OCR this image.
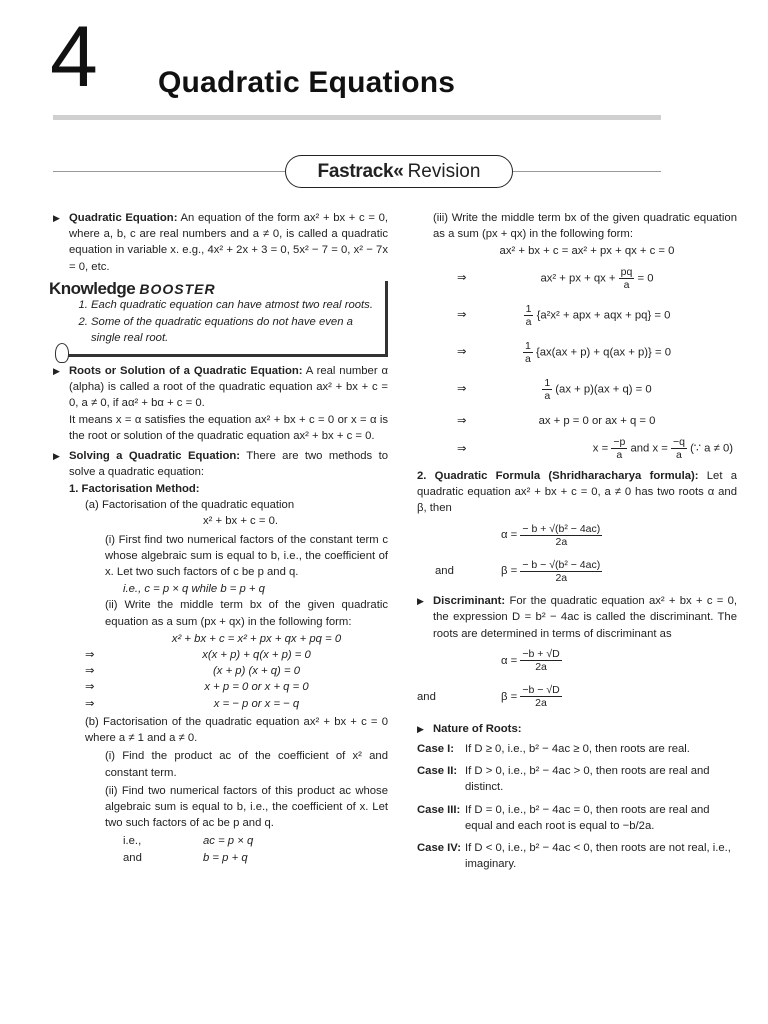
4 Quadratic Equations
Fastrack« Revision
▶ Quadratic Equation: An equation of the form ax² + bx + c = 0, where a, b, c are real numbers and a ≠ 0, is called a quadratic equation in variable x. e.g., 4x² + 2x + 3 = 0, 5x² − 7 = 0, x² − 7x = 0, etc.
Knowledge BOOSTER
1. Each quadratic equation can have atmost two real roots.
2. Some of the quadratic equations do not have even a single real root.
▶ Roots or Solution of a Quadratic Equation: A real number α (alpha) is called a root of the quadratic equation ax² + bx + c = 0, a ≠ 0, if aα² + bα + c = 0.
It means x = α satisfies the equation ax² + bx + c = 0 or x = α is the root or solution of the quadratic equation ax² + bx + c = 0.
▶ Solving a Quadratic Equation: There are two methods to solve a quadratic equation:
1. Factorisation Method:
(a) Factorisation of the quadratic equation
x² + bx + c = 0.
(i) First find two numerical factors of the constant term c whose algebraic sum is equal to b, i.e., the coefficient of x. Let two such factors of c be p and q.
i.e., c = p × q while b = p + q
(ii) Write the middle term bx of the given quadratic equation as a sum (px + qx) in the following form:
x² + bx + c = x² + px + qx + pq = 0
⇒	x(x + p) + q(x + p) = 0
⇒	(x + p) (x + q) = 0
⇒	x + p = 0 or x + q = 0
⇒	x = − p or x = − q
(b) Factorisation of the quadratic equation ax² + bx + c = 0 where a ≠ 1 and a ≠ 0.
(i) Find the product ac of the coefficient of x² and constant term.
(ii) Find two numerical factors of this product ac whose algebraic sum is equal to b, i.e., the coefficient of x. Let two such factors of ac be p and q.
i.e.,	ac = p × q
and	b = p + q
(iii) Write the middle term bx of the given quadratic equation as a sum (px + qx) in the following form:
ax² + bx + c = ax² + px + qx + c = 0
⇒	ax² + px + qx + $\frac{pq}{a} = 0$
⇒	$\frac{1}{a} \{a^2x^2$ + apx + aqx + pq} = 0
⇒	$\frac{1}{a} \{ax(ax + p) + q(ax + p)\} = 0$
⇒	$\frac{1}{a} (ax + p)(ax + q) = 0$
⇒	ax + p = 0 or ax + q = 0
⇒	$x = \frac{-p}{a}$ and $x = \frac{-q}{a}$ (∵ a ≠ 0)
2. Quadratic Formula (Shridharacharya formula): Let a quadratic equation ax² + bx + c = 0, a ≠ 0 has two roots α and β, then
α =
$\frac{\text{− b + √(b² − 4ac)}}{2a}$
and	β =
$\frac{\text{− b − √(b² − 4ac)}}{2a}$
▶ Discriminant: For the quadratic equation ax² + bx + c = 0, the expression D = b² − 4ac is called the discriminant. The roots are determined in terms of discriminant as
α =
$\frac{-b + √D}{2a}$
and	β =
$\frac{-b - √D}{2a}$
▶ Nature of Roots:
Case I: If D ≥ 0, i.e., b² − 4ac ≥ 0, then roots are real.
Case II: If D > 0, i.e., b² − 4ac > 0, then roots are real and distinct.
Case III: If D = 0, i.e., b² − 4ac = 0, then roots are real and equal and each root is equal to −b/2a.
Case IV: If D < 0, i.e., b² − 4ac < 0, then roots are not real, i.e., imaginary.
